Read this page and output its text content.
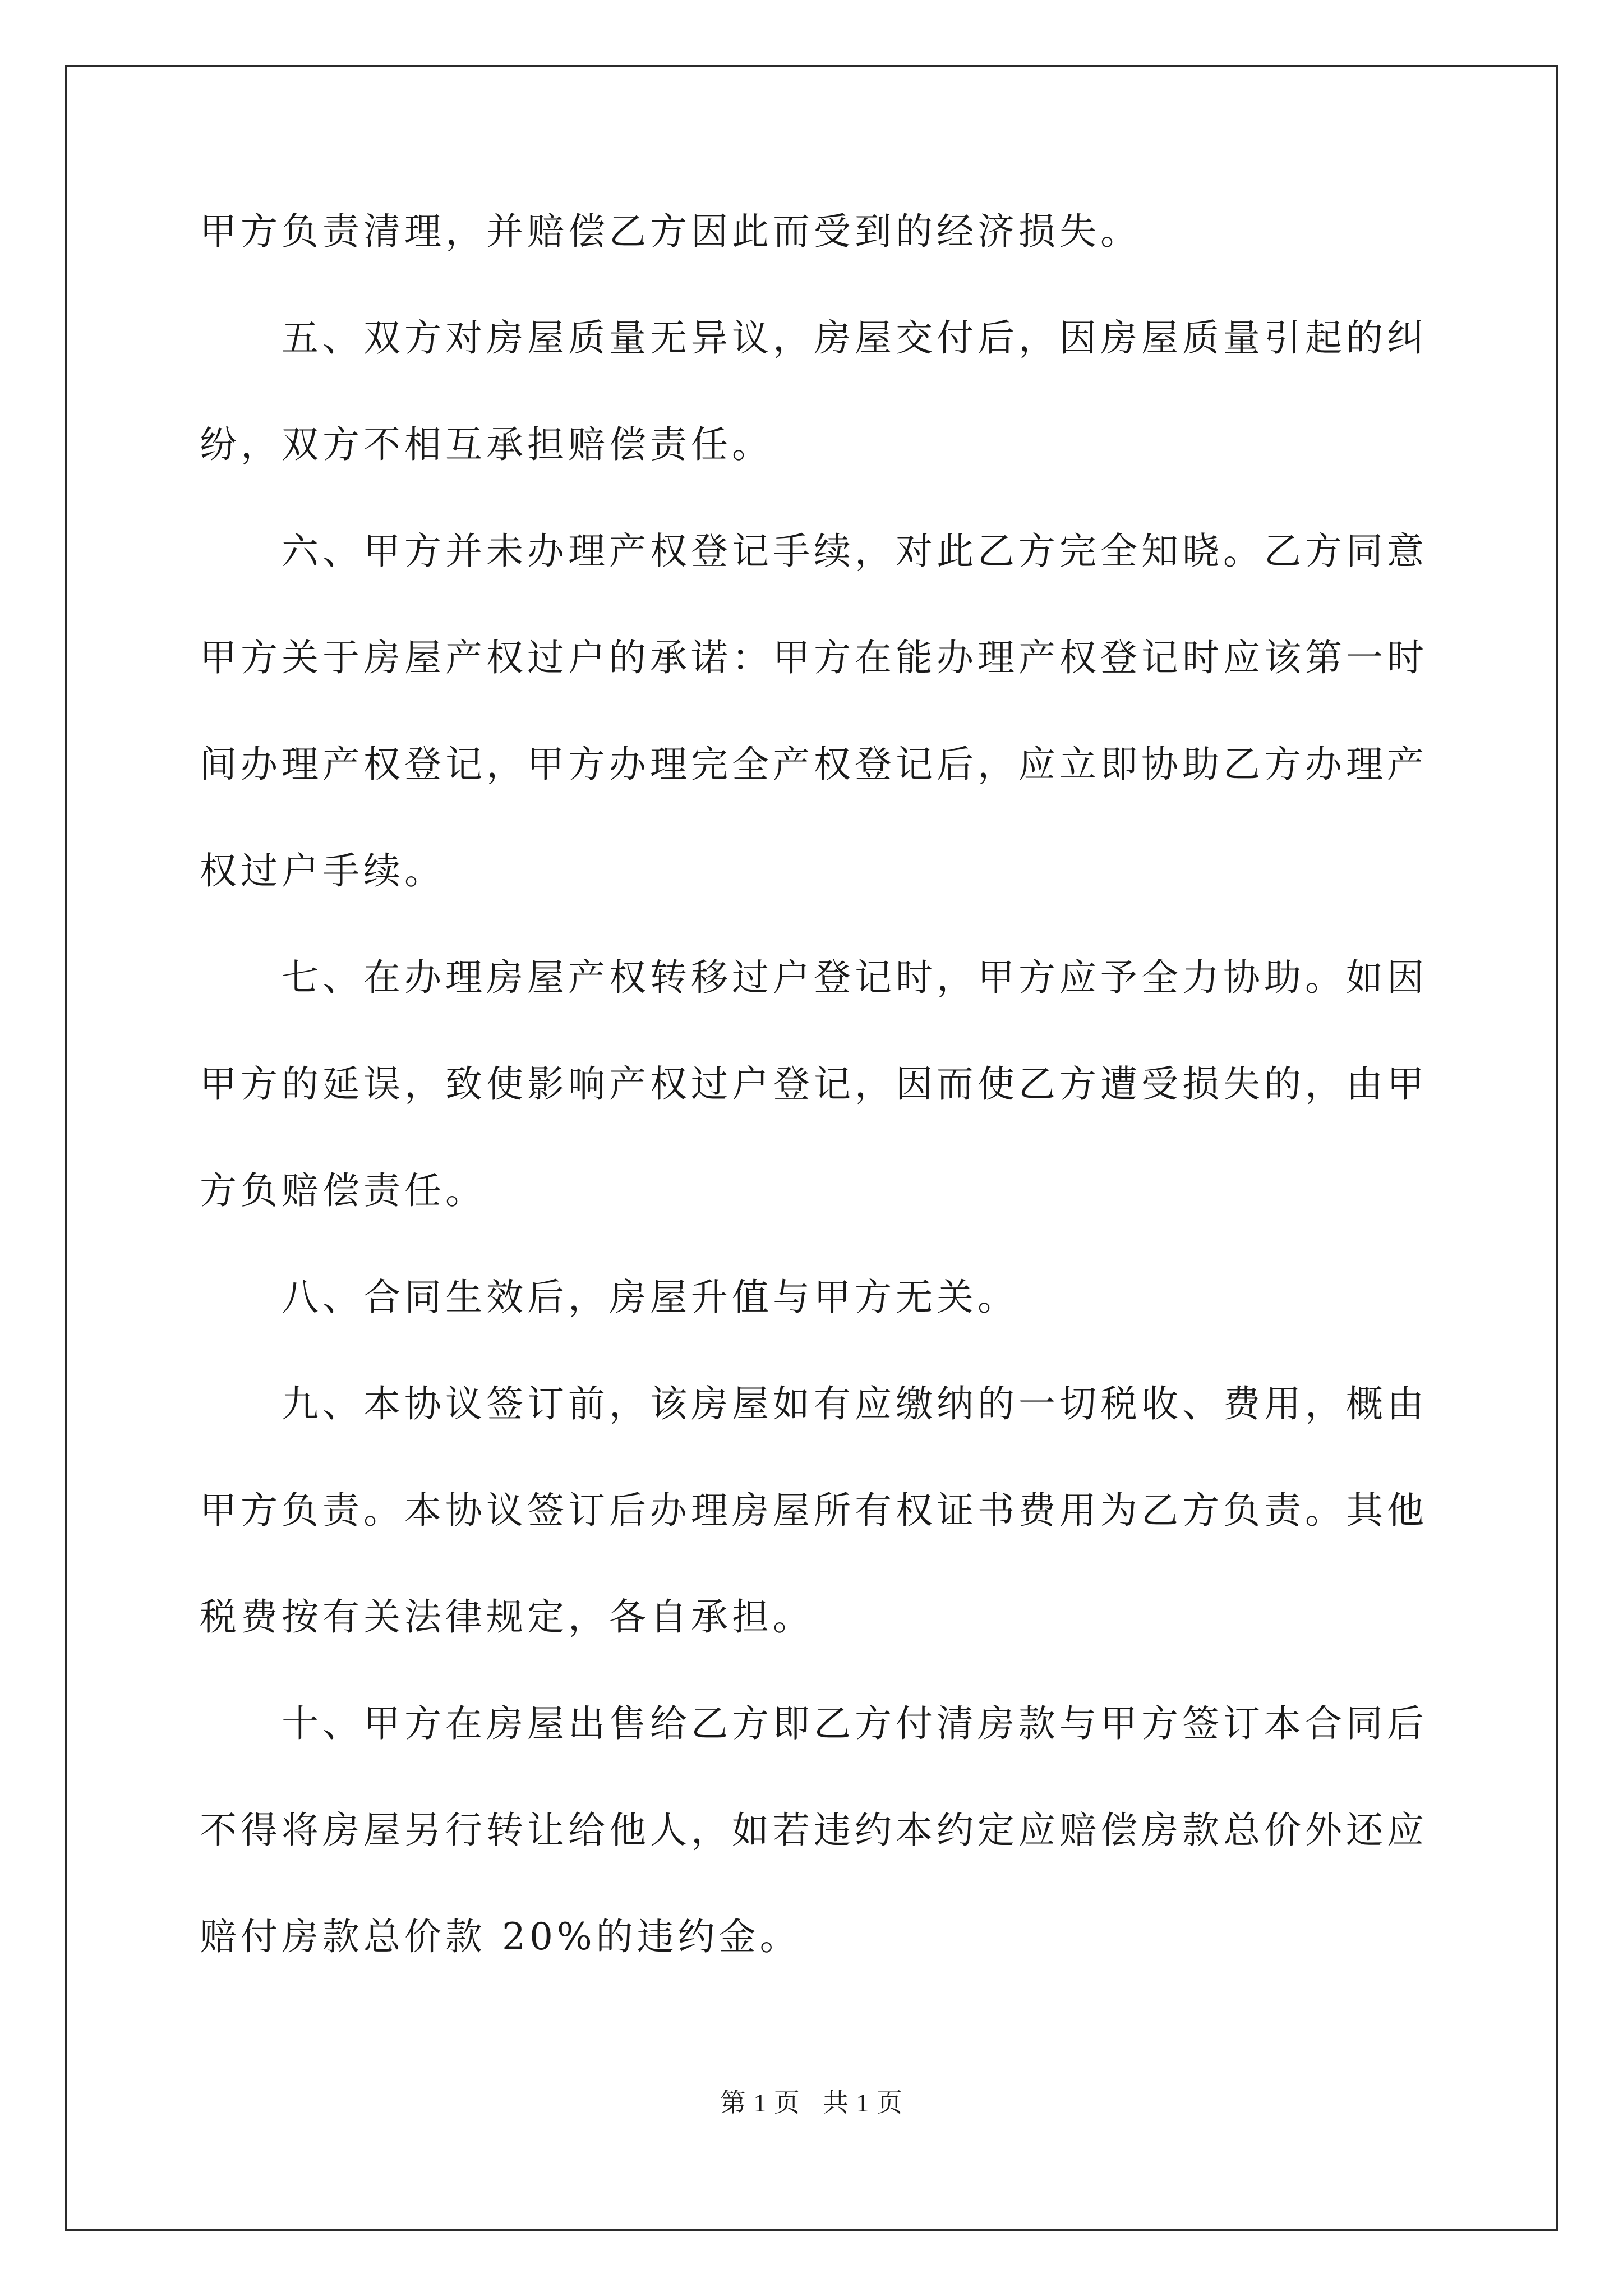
甲方负责清理，并赔偿乙方因此而受到的经济损失。
　　五、双方对房屋质量无异议，房屋交付后，因房屋质量引起的纠
纷，双方不相互承担赔偿责任。
　　六、甲方并未办理产权登记手续，对此乙方完全知晓。乙方同意
甲方关于房屋产权过户的承诺：甲方在能办理产权登记时应该第一时
间办理产权登记，甲方办理完全产权登记后，应立即协助乙方办理产
权过户手续。
　　七、在办理房屋产权转移过户登记时，甲方应予全力协助。如因
甲方的延误，致使影响产权过户登记，因而使乙方遭受损失的，由甲
方负赔偿责任。
　　八、合同生效后，房屋升值与甲方无关。
　　九、本协议签订前，该房屋如有应缴纳的一切税收、费用，概由
甲方负责。本协议签订后办理房屋所有权证书费用为乙方负责。其他
税费按有关法律规定，各自承担。
　　十、甲方在房屋出售给乙方即乙方付清房款与甲方签订本合同后
不得将房屋另行转让给他人，如若违约本约定应赔偿房款总价外还应
赔付房款总价款 20%的违约金。
第 1 页 共 1 页
